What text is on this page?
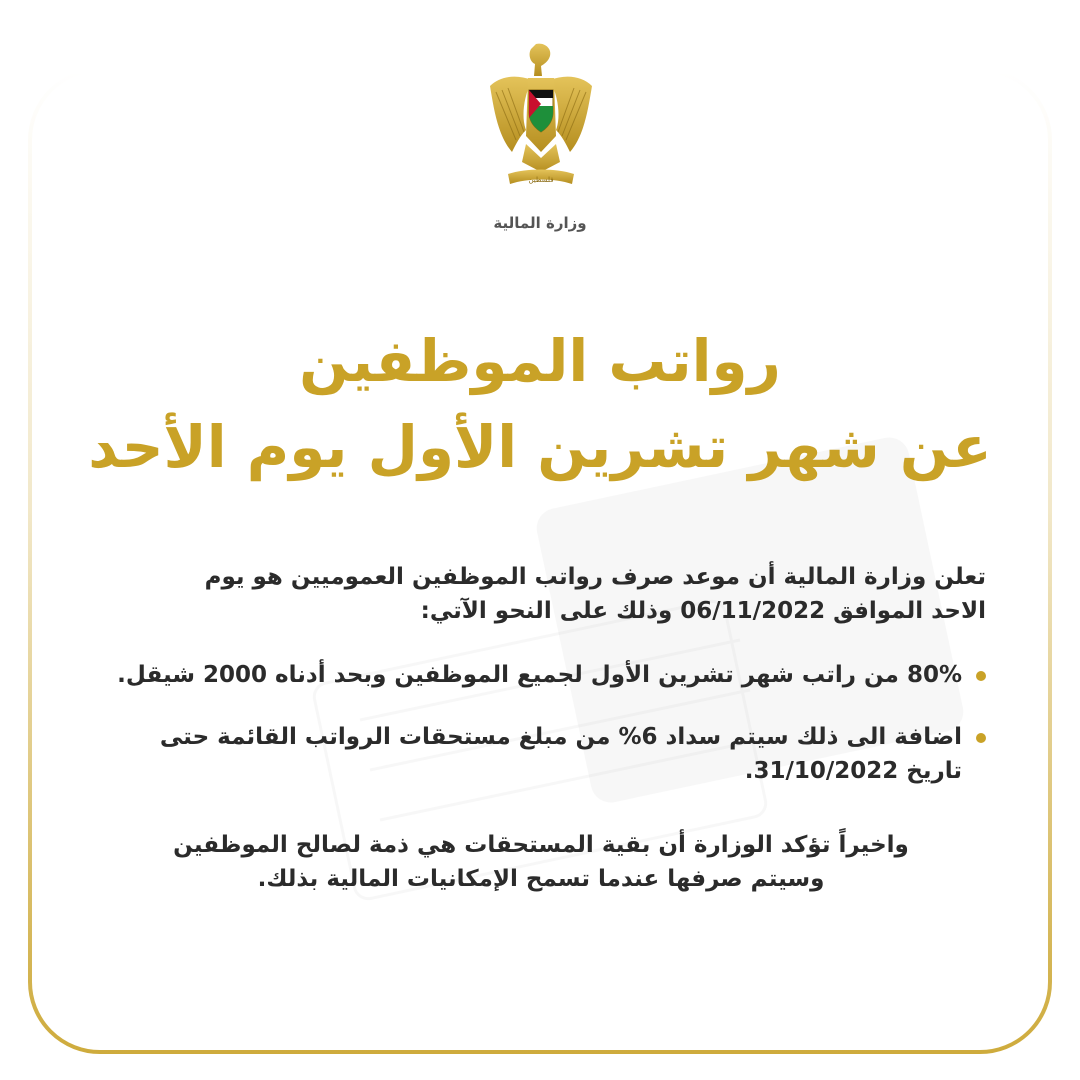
فلسطين
وزارة المالية
رواتب الموظفين
عن شهر تشرين الأول يوم الأحد

تعلن وزارة المالية أن موعد صرف رواتب الموظفين العموميين هو يوم
الاحد الموافق 06/11/2022 وذلك على النحو الآتي:

80% من راتب شهر تشرين الأول لجميع الموظفين وبحد أدناه 2000 شيقل.
اضافة الى ذلك سيتم سداد 6% من مبلغ مستحقات الرواتب القائمة حتى
تاريخ 31/10/2022.

واخيراً تؤكد الوزارة أن بقية المستحقات هي ذمة لصالح الموظفين
وسيتم صرفها عندما تسمح الإمكانيات المالية بذلك.
